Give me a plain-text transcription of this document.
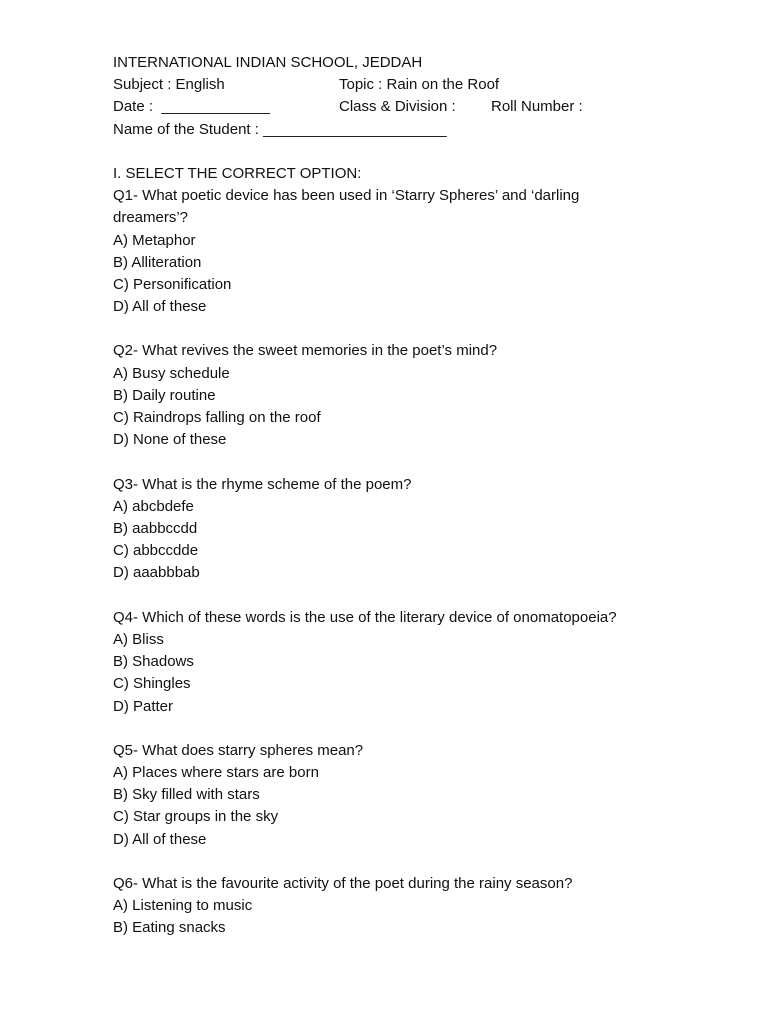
INTERNATIONAL INDIAN SCHOOL, JEDDAH
Subject : English	Topic : Rain on the Roof
Date :  _____________	Class & Division : Roll Number :
Name of the Student : ______________________
I. SELECT THE CORRECT OPTION:
Q1- What poetic device has been used in ‘Starry Spheres’ and ‘darling dreamers’?
A) Metaphor
B) Alliteration
C) Personification
D) All of these
Q2- What revives the sweet memories in the poet’s mind?
A) Busy schedule
B) Daily routine
C) Raindrops falling on the roof
D) None of these
Q3- What is the rhyme scheme of the poem?
A) abcbdefe
B) aabbccdd
C) abbccdde
D) aaabbbab
Q4- Which of these words is the use of the literary device of onomatopoeia?
A) Bliss
B) Shadows
C) Shingles
D) Patter
Q5- What does starry spheres mean?
A) Places where stars are born
B) Sky filled with stars
C) Star groups in the sky
D) All of these
Q6- What is the favourite activity of the poet during the rainy season?
A) Listening to music
B) Eating snacks
